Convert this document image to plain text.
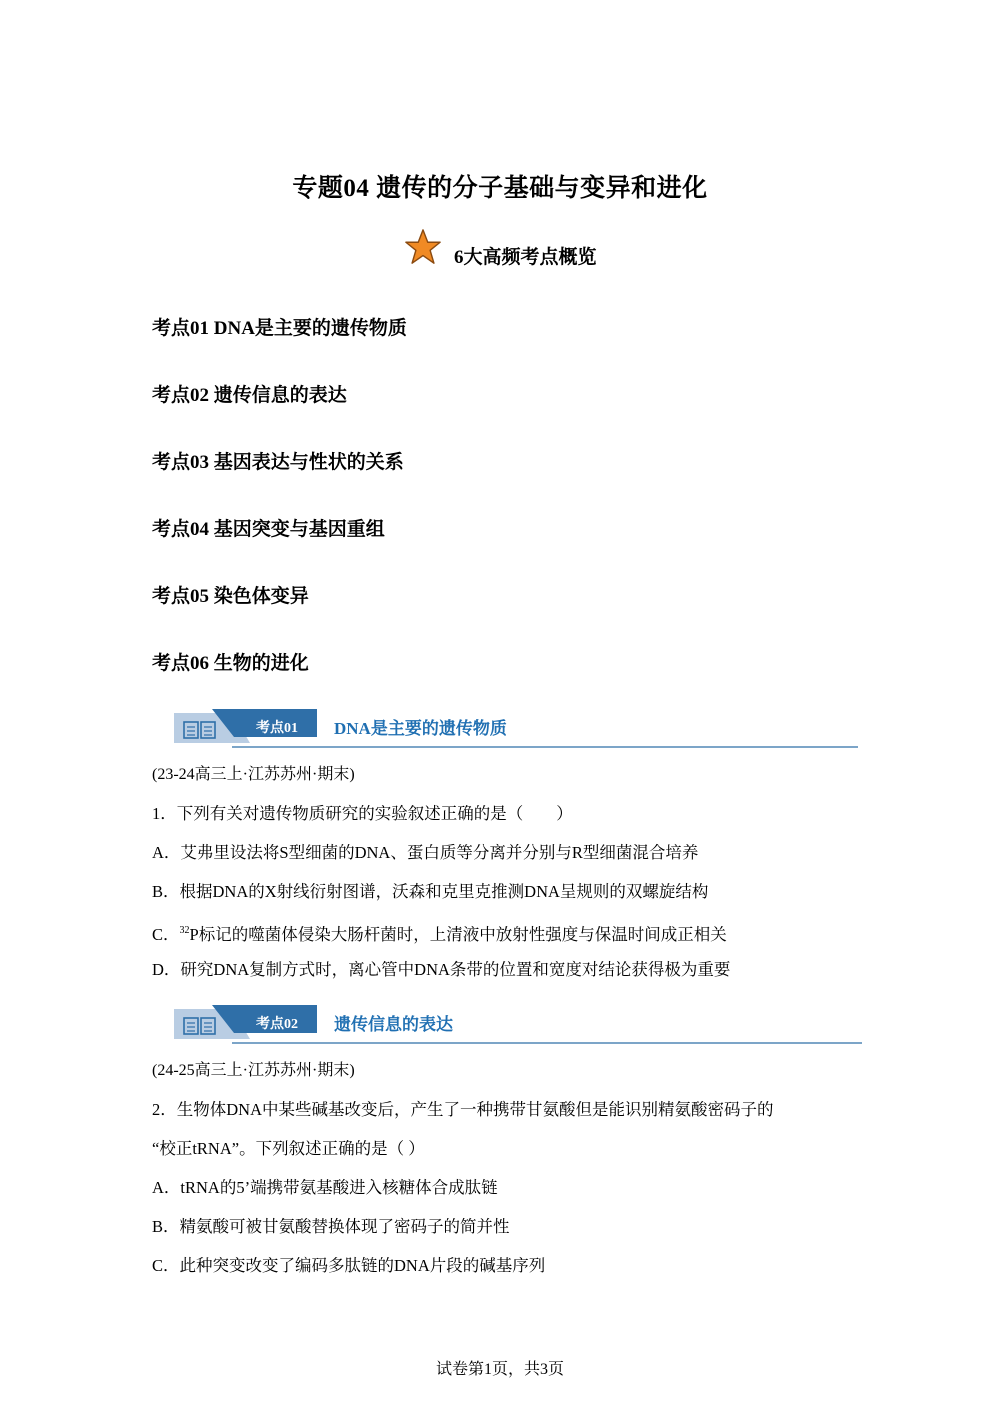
专题04 遗传的分子基础与变异和进化
6大高频考点概览
考点01 DNA是主要的遗传物质
考点02 遗传信息的表达
考点03 基因表达与性状的关系
考点04 基因突变与基因重组
考点05 染色体变异
考点06 生物的进化
考点01	DNA是主要的遗传物质
(23-24高三上·江苏苏州·期末)
1．下列有关对遗传物质研究的实验叙述正确的是（　　）
A．艾弗里设法将S型细菌的DNA、蛋白质等分离并分别与R型细菌混合培养
B．根据DNA的X射线衍射图谱，沃森和克里克推测DNA呈规则的双螺旋结构
C．$^{32}$P标记的噬菌体侵染大肠杆菌时，上清液中放射性强度与保温时间成正相关
D．研究DNA复制方式时，离心管中DNA条带的位置和宽度对结论获得极为重要
考点02	遗传信息的表达
(24-25高三上·江苏苏州·期末)
2．生物体DNA中某些碱基改变后，产生了一种携带甘氨酸但是能识别精氨酸密码子的
“校正tRNA”。下列叙述正确的是（ ）
A．tRNA的5’端携带氨基酸进入核糖体合成肽链
B．精氨酸可被甘氨酸替换体现了密码子的简并性
C．此种突变改变了编码多肽链的DNA片段的碱基序列
试卷第1页，共3页
